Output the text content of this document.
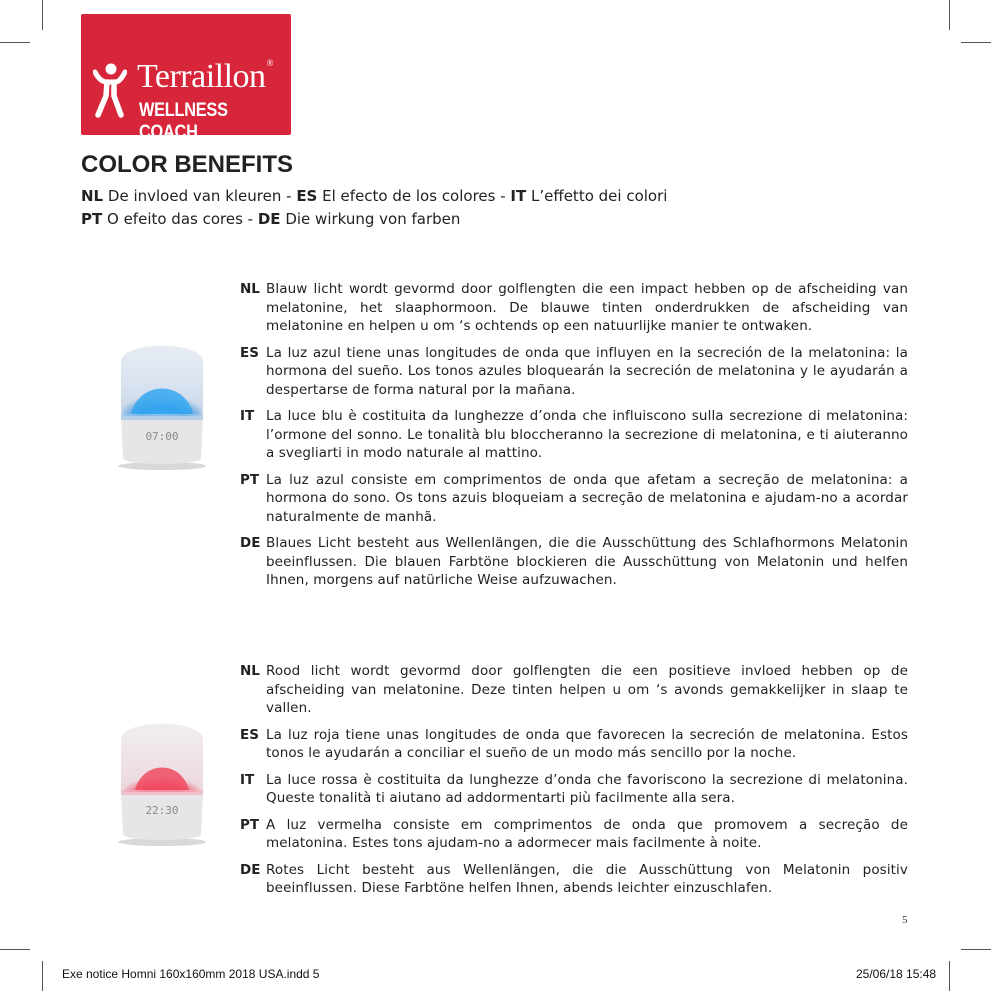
Terraillon®
WELLNESS COACH
COLOR BENEFITS
NL De invloed van kleuren - ES El efecto de los colores - IT L’effetto dei colori
PT O efeito das cores - DE Die wirkung von farben
07:00
22:30
NL Blauw licht wordt gevormd door golflengten die een impact hebben op de afscheiding van melatonine, het slaaphormoon. De blauwe tinten onderdrukken de afscheiding van melatonine en helpen u om ‘s ochtends op een natuurlijke manier te ontwaken.
ES La luz azul tiene unas longitudes de onda que influyen en la secreción de la melatonina: la hormona del sueño. Los tonos azules bloquearán la secreción de melatonina y le ayudarán a despertarse de forma natural por la mañana.
IT La luce blu è costituita da lunghezze d’onda che influiscono sulla secrezione di melatonina: l’ormone del sonno. Le tonalità blu bloccheranno la secrezione di melatonina, e ti aiuteranno a svegliarti in modo naturale al mattino.
PT La luz azul consiste em comprimentos de onda que afetam a secreção de melatonina: a hormona do sono. Os tons azuis bloqueiam a secreção de melatonina e ajudam-no a acordar naturalmente de manhã.
DE Blaues Licht besteht aus Wellenlängen, die die Ausschüttung des Schlafhormons Melatonin beeinflussen. Die blauen Farbtöne blockieren die Ausschüttung von Melatonin und helfen Ihnen, morgens auf natürliche Weise aufzuwachen.
NL Rood licht wordt gevormd door golflengten die een positieve invloed hebben op de afscheiding van melatonine. Deze tinten helpen u om ‘s avonds gemakkelijker in slaap te vallen.
ES La luz roja tiene unas longitudes de onda que favorecen la secreción de melatonina. Estos tonos le ayudarán a conciliar el sueño de un modo más sencillo por la noche.
IT La luce rossa è costituita da lunghezze d’onda che favoriscono la secrezione di melatonina. Queste tonalità ti aiutano ad addormentarti più facilmente alla sera.
PT A luz vermelha consiste em comprimentos de onda que promovem a secreção de melatonina. Estes tons ajudam-no a adormecer mais facilmente à noite.
DE Rotes Licht besteht aus Wellenlängen, die die Ausschüttung von Melatonin positiv beeinflussen. Diese Farbtöne helfen Ihnen, abends leichter einzuschlafen.
5
Exe notice Homni 160x160mm 2018 USA.indd 5	25/06/18 15:48
